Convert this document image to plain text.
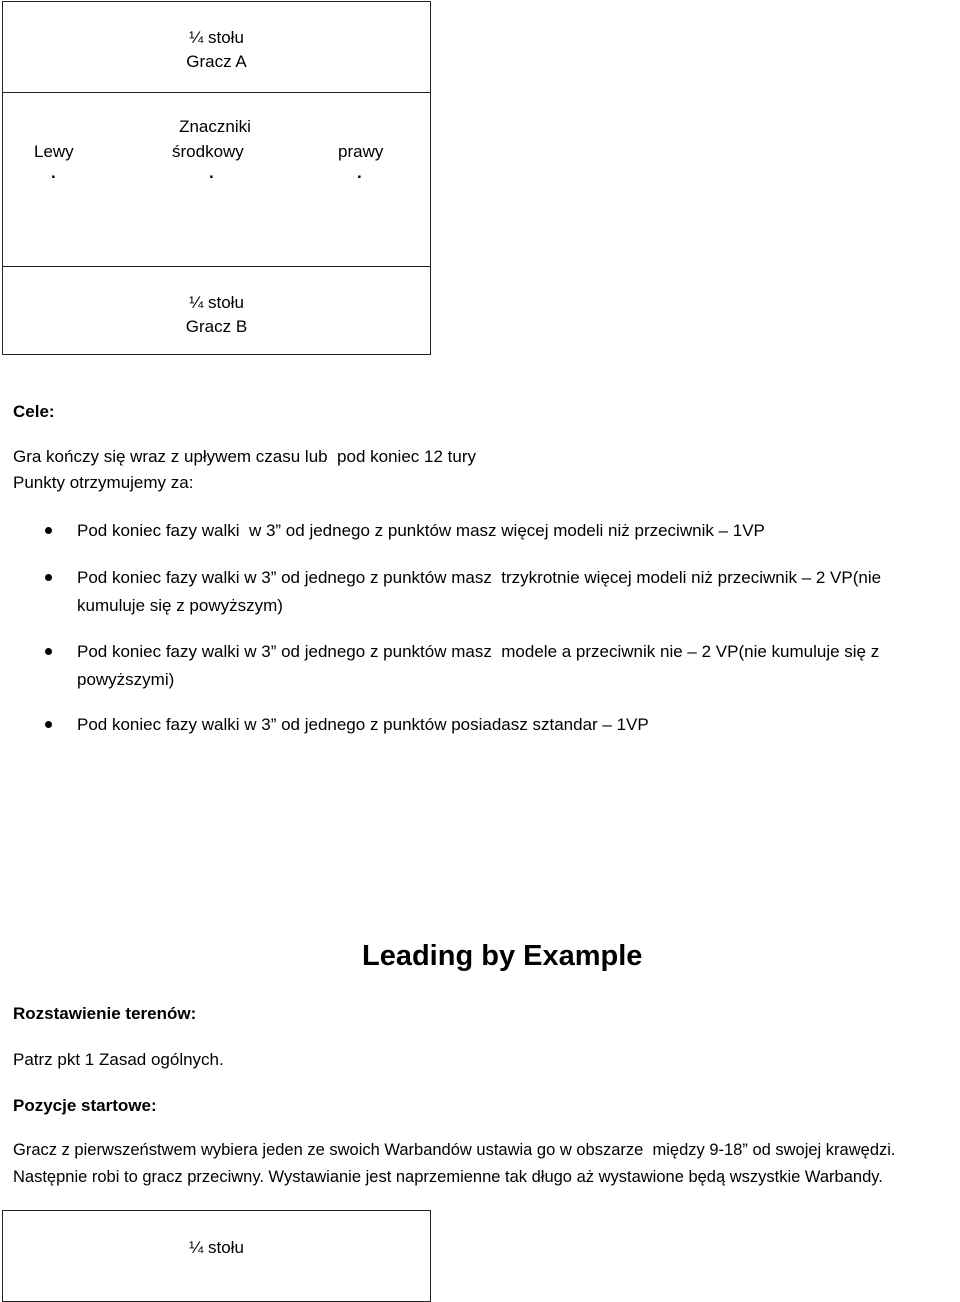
¼ stołu
Gracz A
Znaczniki
Lewy	środkowy	prawy
.	.	.
¼ stołu
Gracz B
Cele:
Gra kończy się wraz z upływem czasu lub  pod koniec 12 tury
Punkty otrzymujemy za:
Pod koniec fazy walki  w 3” od jednego z punktów masz więcej modeli niż przeciwnik – 1VP
Pod koniec fazy walki w 3” od jednego z punktów masz  trzykrotnie więcej modeli niż przeciwnik – 2 VP(nie
kumuluje się z powyższym)
Pod koniec fazy walki w 3” od jednego z punktów masz  modele a przeciwnik nie – 2 VP(nie kumuluje się z
powyższymi)
Pod koniec fazy walki w 3” od jednego z punktów posiadasz sztandar – 1VP
Leading by Example
Rozstawienie terenów:
Patrz pkt 1 Zasad ogólnych.
Pozycje startowe:
Gracz z pierwszeństwem wybiera jeden ze swoich Warbandów ustawia go w obszarze  między 9-18” od swojej krawędzi.
Następnie robi to gracz przeciwny. Wystawianie jest naprzemienne tak długo aż wystawione będą wszystkie Warbandy.
¼ stołu
